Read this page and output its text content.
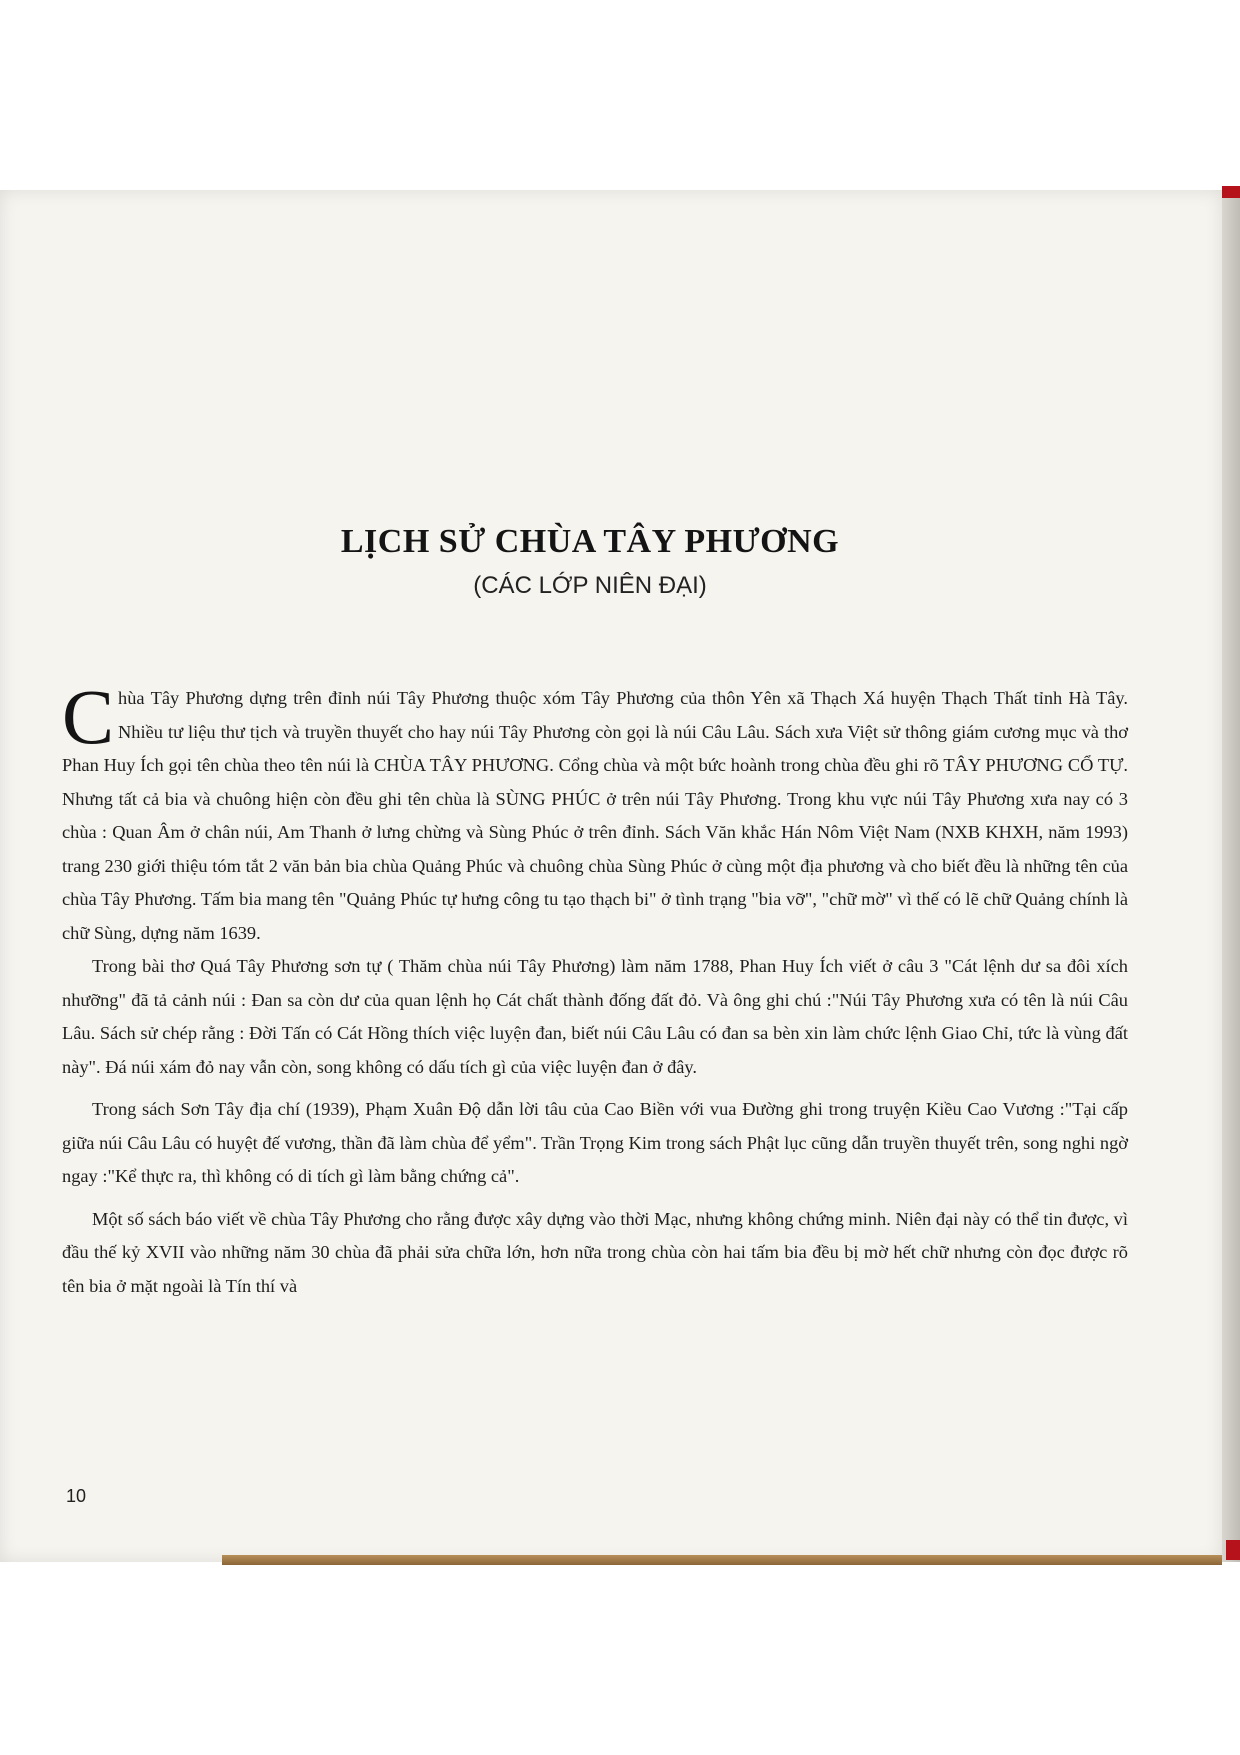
LỊCH SỬ CHÙA TÂY PHƯƠNG
(CÁC LỚP NIÊN ĐẠI)

Chùa Tây Phương dựng trên đỉnh núi Tây Phương thuộc xóm Tây Phương của thôn Yên xã Thạch Xá huyện Thạch Thất tỉnh Hà Tây. Nhiều tư liệu thư tịch và truyền thuyết cho hay núi Tây Phương còn gọi là núi Câu Lâu. Sách xưa Việt sử thông giám cương mục và thơ Phan Huy Ích gọi tên chùa theo tên núi là CHÙA TÂY PHƯƠNG. Cổng chùa và một bức hoành trong chùa đều ghi rõ TÂY PHƯƠNG CỔ TỰ. Nhưng tất cả bia và chuông hiện còn đều ghi tên chùa là SÙNG PHÚC ở trên núi Tây Phương. Trong khu vực núi Tây Phương xưa nay có 3 chùa : Quan Âm ở chân núi, Am Thanh ở lưng chừng và Sùng Phúc ở trên đỉnh. Sách Văn khắc Hán Nôm Việt Nam (NXB KHXH, năm 1993) trang 230 giới thiệu tóm tắt 2 văn bản bia chùa Quảng Phúc và chuông chùa Sùng Phúc ở cùng một địa phương và cho biết đều là những tên của chùa Tây Phương. Tấm bia mang tên "Quảng Phúc tự hưng công tu tạo thạch bi" ở tình trạng "bia vỡ", "chữ mờ" vì thế có lẽ chữ Quảng chính là chữ Sùng, dựng năm 1639.

Trong bài thơ Quá Tây Phương sơn tự ( Thăm chùa núi Tây Phương) làm năm 1788, Phan Huy Ích viết ở câu 3 "Cát lệnh dư sa đôi xích nhưỡng" đã tả cảnh núi : Đan sa còn dư của quan lệnh họ Cát chất thành đống đất đỏ. Và ông ghi chú :"Núi Tây Phương xưa có tên là núi Câu Lâu. Sách sử chép rằng : Đời Tấn có Cát Hồng thích việc luyện đan, biết núi Câu Lâu có đan sa bèn xin làm chức lệnh Giao Chỉ, tức là vùng đất này". Đá núi xám đỏ nay vẫn còn, song không có dấu tích gì của việc luyện đan ở đây.

Trong sách Sơn Tây địa chí (1939), Phạm Xuân Độ dẫn lời tâu của Cao Biền với vua Đường ghi trong truyện Kiều Cao Vương :"Tại cấp giữa núi Câu Lâu có huyệt đế vương, thần đã làm chùa để yểm". Trần Trọng Kim trong sách Phật lục cũng dẫn truyền thuyết trên, song nghi ngờ ngay :"Kể thực ra, thì không có di tích gì làm bằng chứng cả".

Một số sách báo viết về chùa Tây Phương cho rằng được xây dựng vào thời Mạc, nhưng không chứng minh. Niên đại này có thể tin được, vì đầu thế kỷ XVII vào những năm 30 chùa đã phải sửa chữa lớn, hơn nữa trong chùa còn hai tấm bia đều bị mờ hết chữ nhưng còn đọc được rõ tên bia ở mặt ngoài là Tín thí và

10
